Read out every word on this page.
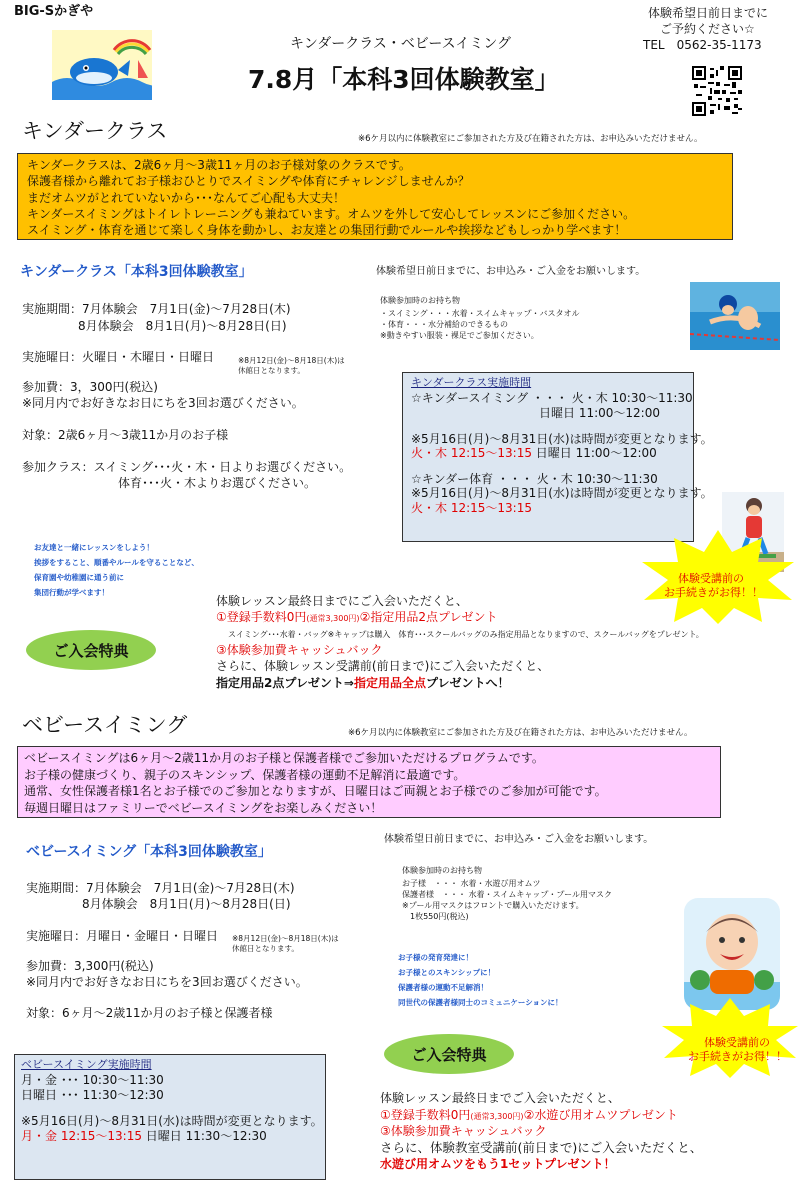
BIG-Sかぎや
キンダークラス・ベビースイミング
7.8月「本科3回体験教室」
体験希望日前日までに
ご予約ください☆
TEL　0562-35-1173
キンダークラス	※6ケ月以内に体験教室にご参加された方及び在籍された方は、お申込みいただけません。
キンダークラスは、2歳6ヶ月～3歳11ヶ月のお子様対象のクラスです。
保護者様から離れてお子様おひとりでスイミングや体育にチャレンジしませんか？
まだオムツがとれていないから･･･なんてご心配も大丈夫！
キンダースイミングはトイレトレーニングも兼ねています。オムツを外して安心してレッスンにご参加ください。
スイミング・体育を通じて楽しく身体を動かし、お友達との集団行動でルールや挨拶などもしっかり学べます！
キンダークラス「本科3回体験教室」
実施期間：7月体験会　7月1日(金)～7月28日(木)
8月体験会　8月1日(月)～8月28日(日)
実施曜日：火曜日・木曜日・日曜日	※8月12日(金)～8月18日(木)は
休館日となります。
参加費：3，300円(税込)
※同月内でお好きなお日にちを3回お選びください。
対象：2歳6ヶ月～3歳11か月のお子様
参加クラス：スイミング･･･火・木・日よりお選びください。
体育･･･火・木よりお選びください。
体験希望日前日までに、お申込み・ご入金をお願いします。
体験参加時のお持ち物
・スイミング・・・水着・スイムキャップ・バスタオル
・体育・・・水分補給のできるもの
※動きやすい服装・裸足でご参加ください。
キンダークラス実施時間
☆キンダースイミング ・・・ 火・木 10:30～11:30
日曜日 11:00～12:00
※5月16日(月)～8月31日(水)は時間が変更となります。
火・木 12:15～13:15 日曜日 11:00～12:00
☆キンダー体育 ・・・ 火・木 10:30～11:30
※5月16日(月)～8月31日(水)は時間が変更となります。
火・木 12:15～13:15
お友達と一緒にレッスンをしよう！
挨拶をすること、順番やルールを守ることなど、
保育園や幼稚園に通う前に
集団行動が学べます！
体験受講前の
お手続きがお得！！
ご入会特典
体験レッスン最終日までにご入会いただくと、
①登録手数料0円(通常3,300円)②指定用品2点プレゼント
スイミング･･･水着・バッグ※キャップは購入　体育･･･スクールバッグのみ指定用品となりますので、スクールバッグをプレゼント。
③体験参加費キャッシュバック
さらに、体験レッスン受講前(前日まで)にご入会いただくと、
指定用品2点プレゼント⇒指定用品全点プレゼントへ！
ベビースイミング	※6ケ月以内に体験教室にご参加された方及び在籍された方は、お申込みいただけません。
ベビースイミングは6ヶ月～2歳11か月のお子様と保護者様でご参加いただけるプログラムです。
お子様の健康づくり、親子のスキンシップ、保護者様の運動不足解消に最適です。
通常、女性保護者様1名とお子様でのご参加となりますが、日曜日はご両親とお子様でのご参加が可能です。
毎週日曜日はファミリーでベビースイミングをお楽しみください！
体験希望日前日までに、お申込み・ご入金をお願いします。
ベビースイミング「本科3回体験教室」
体験参加時のお持ち物
お子様　・・・ 水着・水遊び用オムツ
保護者様　・・・ 水着・スイムキャップ・プール用マスク
※プール用マスクはフロントで購入いただけます。
　1枚550円(税込)
実施期間：7月体験会　7月1日(金)～7月28日(木)
8月体験会　8月1日(月)～8月28日(日)
実施曜日：月曜日・金曜日・日曜日 ※8月12日(金)～8月18日(木)は
休館日となります。
参加費：3,300円(税込)
※同月内でお好きなお日にちを3回お選びください。
対象：6ヶ月～2歳11か月のお子様と保護者様
お子様の発育発達に！
お子様とのスキンシップに！
保護者様の運動不足解消！
同世代の保護者様同士のコミュニケーションに！
体験受講前の
お手続きがお得！！
ご入会特典
ベビースイミング実施時間
月・金 ･･･ 10:30～11:30
日曜日 ･･･ 11:30～12:30
※5月16日(月)～8月31日(水)は時間が変更となります。
月・金 12:15～13:15 日曜日 11:30～12:30
体験レッスン最終日までご入会いただくと、
①登録手数料0円(通常3,300円)②水遊び用オムツプレゼント
③体験参加費キャッシュバック
さらに、体験教室受講前(前日まで)にご入会いただくと、
水遊び用オムツをもう1セットプレゼント！
